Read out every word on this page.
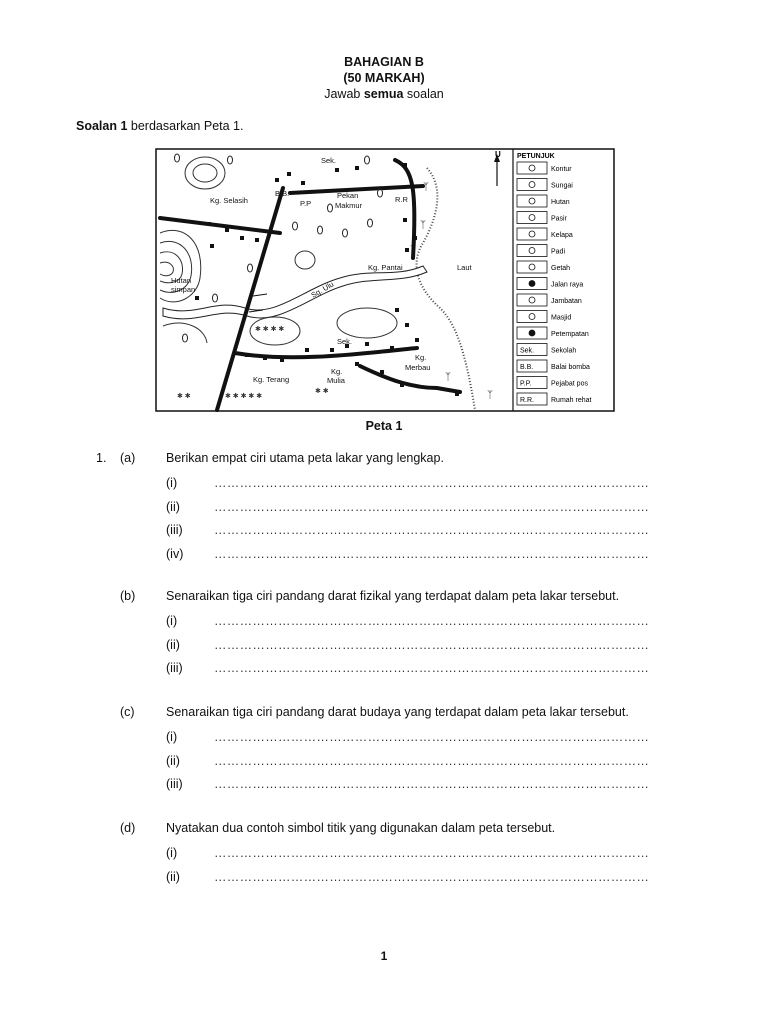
BAHAGIAN B
(50 MARKAH)
Jawab semua soalan
Soalan 1 berdasarkan Peta 1.
✱ ✱ ✱ ✱ ✱
✱ ✱
✱ ✱ ✱ ✱
✱ ✱
ᛉ
ᛉ
ᛉ
ᛉ
ᛉ
U
Sek.
B.B.
P.P
Pekan
Makmur
R.R
Kg. Selasih
Kg. Pantai	Laut
Hutan
simpan	Sg. Ulu
Sek.
Kg.
Merbau
Kg. Terang
Kg.
Mulia
PETUNJUK
Kontur
Sungai
Hutan
Pasir
Kelapa
Padi
Getah
Jalan raya
Jambatan
Masjid
Petempatan
Sek. Sekolah
B.B.	Balai bomba
P.P.	Pejabat pos
R.R. Rumah rehat
Peta 1
1. (a) Berikan empat ciri utama peta lakar yang lengkap.
(i)	…………………………………………………………………………………………
(ii)	…………………………………………………………………………………………
(iii)	…………………………………………………………………………………………
(iv) …………………………………………………………………………………………
(b) Senaraikan tiga ciri pandang darat fizikal yang terdapat dalam peta lakar tersebut.
(i)	…………………………………………………………………………………………
(ii)	…………………………………………………………………………………………
(iii)	…………………………………………………………………………………………
(c)	Senaraikan tiga ciri pandang darat budaya yang terdapat dalam peta lakar tersebut.
(i)	…………………………………………………………………………………………
(ii)	…………………………………………………………………………………………
(iii)	…………………………………………………………………………………………
(d) Nyatakan dua contoh simbol titik yang digunakan dalam peta tersebut.
(i)	…………………………………………………………………………………………
(ii)	…………………………………………………………………………………………
1
